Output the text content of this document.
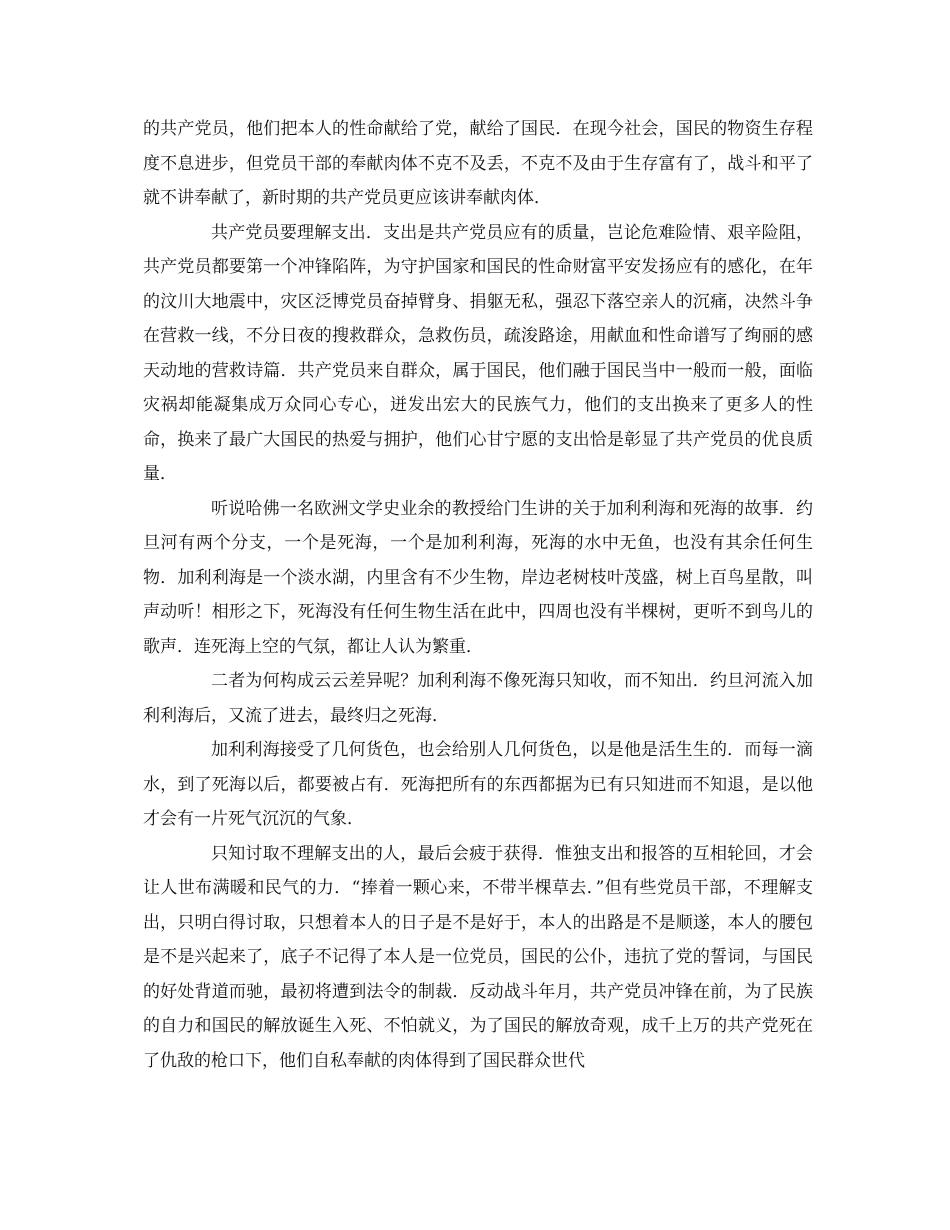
的共产党员，他们把本人的性命献给了党，献给了国民．在现今社会，国民的物资生存程度不息进步，但党员干部的奉献肉体不克不及丢，不克不及由于生存富有了，战斗和平了就不讲奉献了，新时期的共产党员更应该讲奉献肉体．

共产党员要理解支出．支出是共产党员应有的质量，岂论危难险情、艰辛险阻，共产党员都要第一个冲锋陷阵，为守护国家和国民的性命财富平安发扬应有的感化，在年的汶川大地震中，灾区泛博党员奋掉臂身、捐躯无私，强忍下落空亲人的沉痛，决然斗争在营救一线，不分日夜的搜救群众，急救伤员，疏浚路途，用献血和性命谱写了绚丽的感天动地的营救诗篇．共产党员来自群众，属于国民，他们融于国民当中一般而一般，面临灾祸却能凝集成万众同心专心，迸发出宏大的民族气力，他们的支出换来了更多人的性命，换来了最广大国民的热爱与拥护，他们心甘宁愿的支出恰是彰显了共产党员的优良质量．

听说哈佛一名欧洲文学史业余的教授给门生讲的关于加利利海和死海的故事．约旦河有两个分支，一个是死海，一个是加利利海，死海的水中无鱼，也没有其余任何生物．加利利海是一个淡水湖，内里含有不少生物，岸边老树枝叶茂盛，树上百鸟星散，叫声动听！相形之下，死海没有任何生物生活在此中，四周也没有半棵树，更听不到鸟儿的歌声．连死海上空的气氛，都让人认为繁重．

二者为何构成云云差异呢？加利利海不像死海只知收，而不知出．约旦河流入加利利海后，又流了进去，最终归之死海．

加利利海接受了几何货色，也会给别人几何货色，以是他是活生生的．而每一滴水，到了死海以后，都要被占有．死海把所有的东西都据为已有只知进而不知退，是以他才会有一片死气沉沉的气象．

只知讨取不理解支出的人，最后会疲于获得．惟独支出和报答的互相轮回，才会让人世布满暖和民气的力．“捧着一颗心来，不带半棵草去．”但有些党员干部，不理解支出，只明白得讨取，只想着本人的日子是不是好于，本人的出路是不是顺遂，本人的腰包是不是兴起来了，底子不记得了本人是一位党员，国民的公仆，违抗了党的誓词，与国民的好处背道而驰，最初将遭到法令的制裁．反动战斗年月，共产党员冲锋在前，为了民族的自力和国民的解放诞生入死、不怕就义，为了国民的解放奇观，成千上万的共产党死在了仇敌的枪口下，他们自私奉献的肉体得到了国民群众世代
